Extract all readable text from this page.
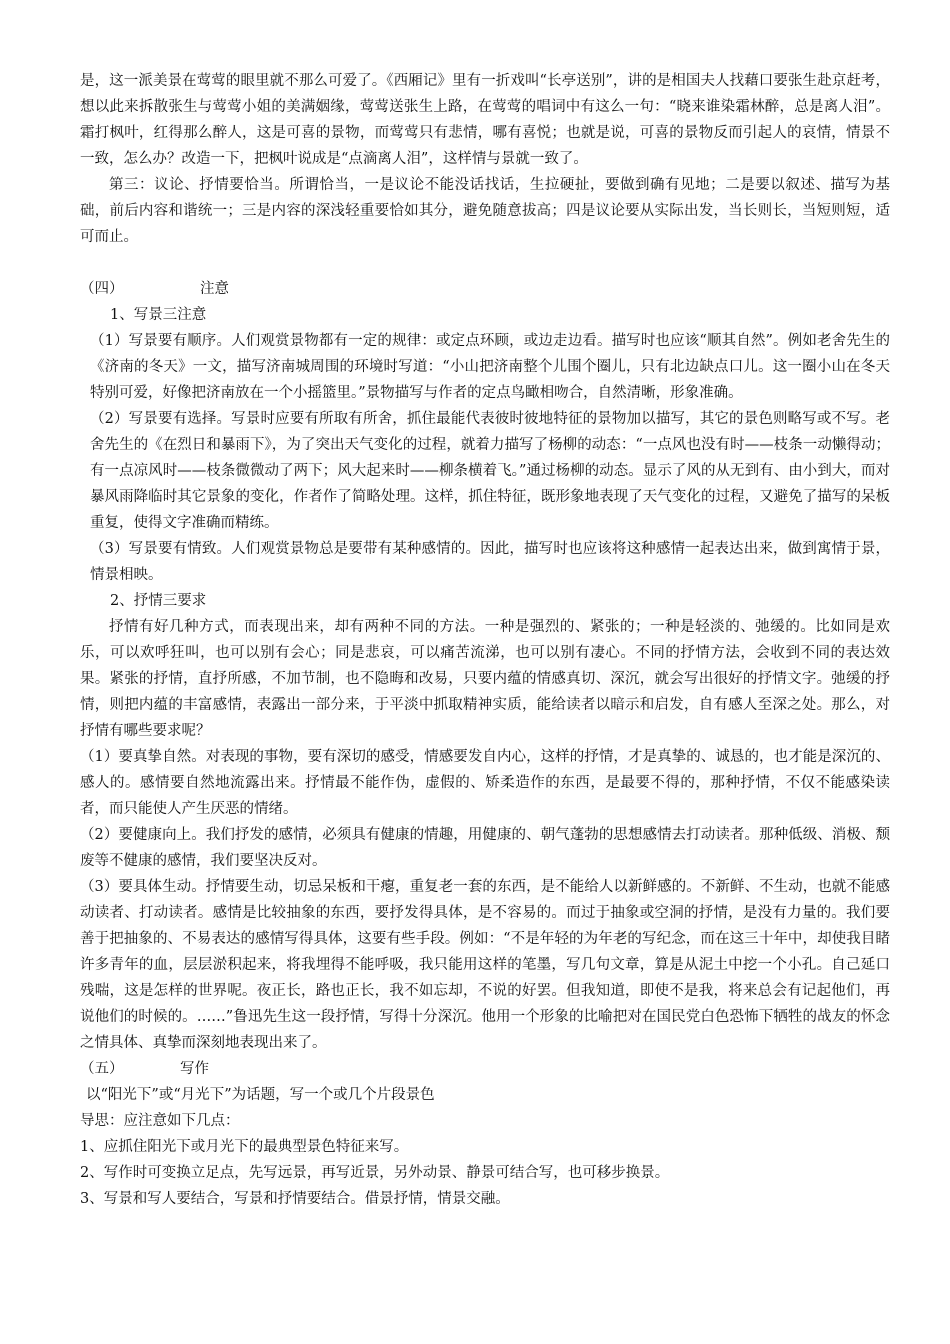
是，这一派美景在莺莺的眼里就不那么可爱了。《西厢记》里有一折戏叫“长亭送别”，讲的是相国夫人找藉口要张生赴京赶考，想以此来拆散张生与莺莺小姐的美满姻缘，莺莺送张生上路，在莺莺的唱词中有这么一句：“晓来谁染霜林醉，总是离人泪”。霜打枫叶，红得那么醉人，这是可喜的景物，而莺莺只有悲情，哪有喜悦；也就是说，可喜的景物反而引起人的哀情，情景不一致，怎么办？改造一下，把枫叶说成是“点滴离人泪”，这样情与景就一致了。

第三：议论、抒情要恰当。所谓恰当，一是议论不能没话找话，生拉硬扯，要做到确有见地；二是要以叙述、描写为基础，前后内容和谐统一；三是内容的深浅轻重要恰如其分，避免随意拔高；四是议论要从实际出发，当长则长，当短则短，适可而止。

（四）	注意

1、写景三注意

（1）写景要有顺序。人们观赏景物都有一定的规律：或定点环顾，或边走边看。描写时也应该“顺其自然”。例如老舍先生的《济南的冬天》一文，描写济南城周围的环境时写道：“小山把济南整个儿围个圈儿，只有北边缺点口儿。这一圈小山在冬天特别可爱，好像把济南放在一个小摇篮里。”景物描写与作者的定点鸟瞰相吻合，自然清晰，形象准确。

（2）写景要有选择。写景时应要有所取有所舍，抓住最能代表彼时彼地特征的景物加以描写，其它的景色则略写或不写。老舍先生的《在烈日和暴雨下》，为了突出天气变化的过程，就着力描写了杨柳的动态：“一点风也没有时——枝条一动懒得动；有一点凉风时——枝条微微动了两下；风大起来时——柳条横着飞。”通过杨柳的动态。显示了风的从无到有、由小到大，而对暴风雨降临时其它景象的变化，作者作了简略处理。这样，抓住特征，既形象地表现了天气变化的过程，又避免了描写的呆板重复，使得文字准确而精练。

（3）写景要有情致。人们观赏景物总是要带有某种感情的。因此，描写时也应该将这种感情一起表达出来，做到寓情于景，情景相映。

2、抒情三要求

抒情有好几种方式，而表现出来，却有两种不同的方法。一种是强烈的、紧张的；一种是轻淡的、弛缓的。比如同是欢乐，可以欢呼狂叫，也可以别有会心；同是悲哀，可以痛苦流涕，也可以别有凄心。不同的抒情方法，会收到不同的表达效果。紧张的抒情，直抒所感，不加节制，也不隐晦和改易，只要内蕴的情感真切、深沉，就会写出很好的抒情文字。弛缓的抒情，则把内蕴的丰富感情，表露出一部分来，于平淡中抓取精神实质，能给读者以暗示和启发，自有感人至深之处。那么，对抒情有哪些要求呢？

（1）要真挚自然。对表现的事物，要有深切的感受，情感要发自内心，这样的抒情，才是真挚的、诚恳的，也才能是深沉的、感人的。感情要自然地流露出来。抒情最不能作伪，虚假的、矫柔造作的东西，是最要不得的，那种抒情，不仅不能感染读者，而只能使人产生厌恶的情绪。

（2）要健康向上。我们抒发的感情，必须具有健康的情趣，用健康的、朝气蓬勃的思想感情去打动读者。那种低级、消极、颓废等不健康的感情，我们要坚决反对。

（3）要具体生动。抒情要生动，切忌呆板和干瘪，重复老一套的东西，是不能给人以新鲜感的。不新鲜、不生动，也就不能感动读者、打动读者。感情是比较抽象的东西，要抒发得具体，是不容易的。而过于抽象或空洞的抒情，是没有力量的。我们要善于把抽象的、不易表达的感情写得具体，这要有些手段。例如：“不是年轻的为年老的写纪念，而在这三十年中，却使我目睹许多青年的血，层层淤积起来，将我埋得不能呼吸，我只能用这样的笔墨，写几句文章，算是从泥土中挖一个小孔。自己延口残喘，这是怎样的世界呢。夜正长，路也正长，我不如忘却，不说的好罢。但我知道，即使不是我，将来总会有记起他们，再说他们的时候的。……”鲁迅先生这一段抒情，写得十分深沉。他用一个形象的比喻把对在国民党白色恐怖下牺牲的战友的怀念之情具体、真挚而深刻地表现出来了。

（五）	写作

以“阳光下”或“月光下”为话题，写一个或几个片段景色

导思：应注意如下几点：

1、应抓住阳光下或月光下的最典型景色特征来写。

2、写作时可变换立足点，先写远景，再写近景，另外动景、静景可结合写，也可移步换景。

3、写景和写人要结合，写景和抒情要结合。借景抒情，情景交融。
